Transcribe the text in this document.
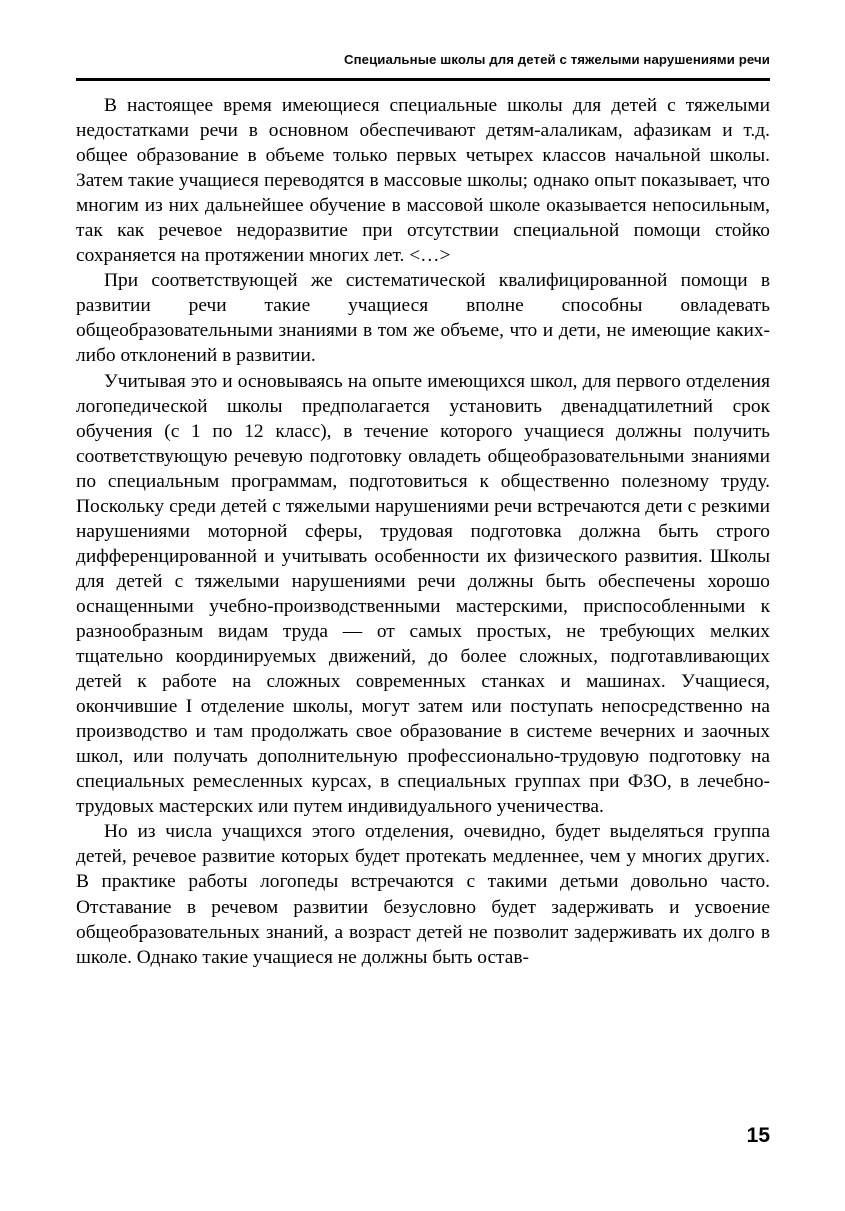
Специальные школы для детей с тяжелыми нарушениями речи

В настоящее время имеющиеся специальные школы для детей с тяжелыми недостатками речи в основном обеспечивают детям-алаликам, афазикам и т.д. общее образование в объеме только первых четырех классов начальной школы. Затем такие учащиеся переводятся в массовые школы; однако опыт показывает, что многим из них дальнейшее обучение в массовой школе оказывается непосильным, так как речевое недоразвитие при отсутствии специальной помощи стойко сохраняется на протяжении многих лет. <…>

При соответствующей же систематической квалифицированной помощи в развитии речи такие учащиеся вполне способны овладевать общеобразовательными знаниями в том же объеме, что и дети, не имеющие каких-либо отклонений в развитии.

Учитывая это и основываясь на опыте имеющихся школ, для первого отделения логопедической школы предполагается установить двенадцатилетний срок обучения (с 1 по 12 класс), в течение которого учащиеся должны получить соответствующую речевую подготовку овладеть общеобразовательными знаниями по специальным программам, подготовиться к общественно полезному труду. Поскольку среди детей с тяжелыми нарушениями речи встречаются дети с резкими нарушениями моторной сферы, трудовая подготовка должна быть строго дифференцированной и учитывать особенности их физического развития. Школы для детей с тяжелыми нарушениями речи должны быть обеспечены хорошо оснащенными учебно-производственными мастерскими, приспособленными к разнообразным видам труда — от самых простых, не требующих мелких тщательно координируемых движений, до более сложных, подготавливающих детей к работе на сложных современных станках и машинах. Учащиеся, окончившие I отделение школы, могут затем или поступать непосредственно на производство и там продолжать свое образование в системе вечерних и заочных школ, или получать дополнительную профессионально-трудовую подготовку на специальных ремесленных курсах, в специальных группах при ФЗО, в лечебно-трудовых мастерских или путем индивидуального ученичества.

Но из числа учащихся этого отделения, очевидно, будет выделяться группа детей, речевое развитие которых будет протекать медленнее, чем у многих других. В практике работы логопеды встречаются с такими детьми довольно часто. Отставание в речевом развитии безусловно будет задерживать и усвоение общеобразовательных знаний, а возраст детей не позволит задерживать их долго в школе. Однако такие учащиеся не должны быть остав-

15
